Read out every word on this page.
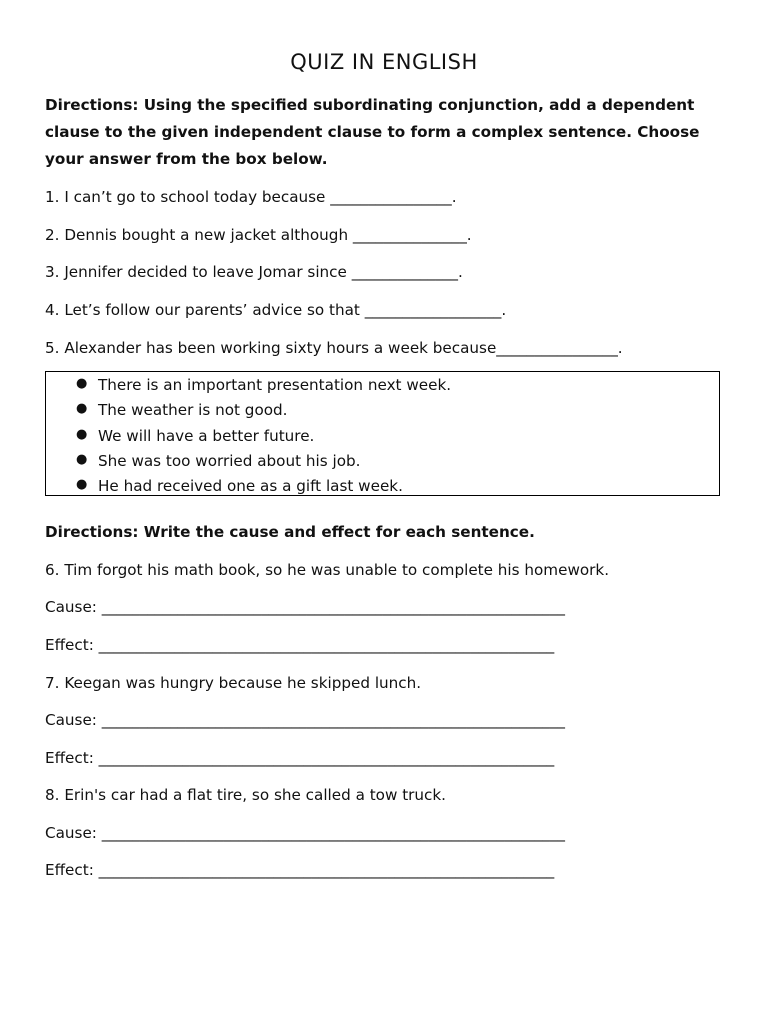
QUIZ IN ENGLISH
Directions: Using the specified subordinating conjunction, add a dependent clause to the given independent clause to form a complex sentence. Choose your answer from the box below.
1. I can’t go to school today because ________________.
2. Dennis bought a new jacket although _______________.
3. Jennifer decided to leave Jomar since ______________.
4. Let’s follow our parents’ advice so that __________________.
5. Alexander has been working sixty hours a week because________________.
● There is an important presentation next week.
● The weather is not good.
● We will have a better future.
● She was too worried about his job.
● He had received one as a gift last week.
Directions: Write the cause and effect for each sentence.
6. Tim forgot his math book, so he was unable to complete his homework.
Cause: _____________________________________________________________
Effect: ____________________________________________________________
7. Keegan was hungry because he skipped lunch.
Cause: _____________________________________________________________
Effect: ____________________________________________________________
8. Erin's car had a flat tire, so she called a tow truck.
Cause: _____________________________________________________________
Effect: ____________________________________________________________
